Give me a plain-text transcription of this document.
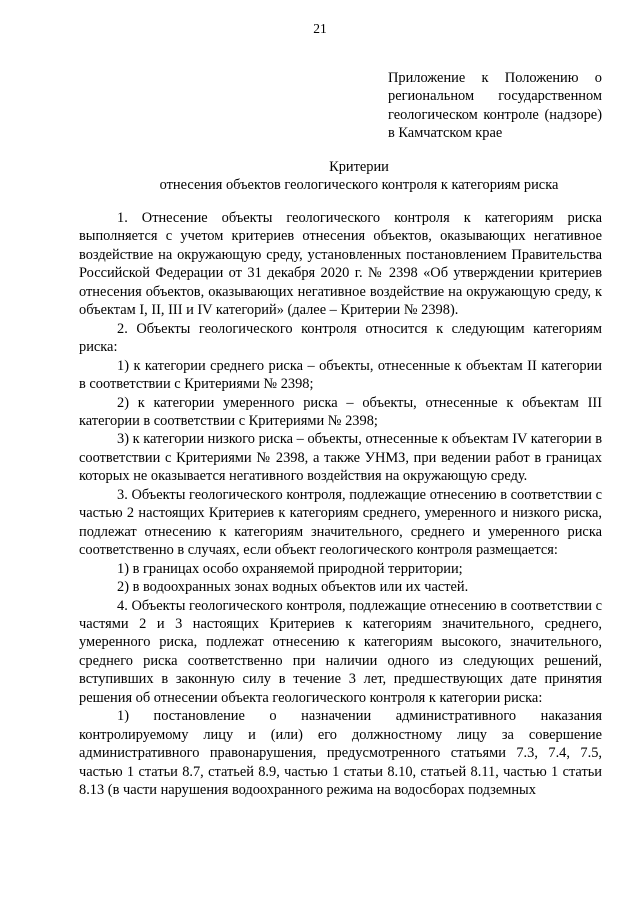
21
Приложение к Положению о региональном государственном геологическом контроле (надзоре) в Камчатском крае
Критерии
отнесения объектов геологического контроля к категориям риска

1. Отнесение объекты геологического контроля к категориям риска выполняется с учетом критериев отнесения объектов, оказывающих негативное воздействие на окружающую среду, установленных постановлением Правительства Российской Федерации от 31 декабря 2020 г. № 2398 «Об утверждении критериев отнесения объектов, оказывающих негативное воздействие на окружающую среду, к объектам I, II, III и IV категорий» (далее – Критерии № 2398).

2. Объекты геологического контроля относится к следующим категориям риска:

1) к категории среднего риска – объекты, отнесенные к объектам II категории в соответствии с Критериями № 2398;

2) к категории умеренного риска – объекты, отнесенные к объектам III категории в соответствии с Критериями № 2398;

3) к категории низкого риска – объекты, отнесенные к объектам IV категории в соответствии с Критериями № 2398, а также УНМЗ, при ведении работ в границах которых не оказывается негативного воздействия на окружающую среду.

3. Объекты геологического контроля, подлежащие отнесению в соответствии с частью 2 настоящих Критериев к категориям среднего, умеренного и низкого риска, подлежат отнесению к категориям значительного, среднего и умеренного риска соответственно в случаях, если объект геологического контроля размещается:

1) в границах особо охраняемой природной территории;

2) в водоохранных зонах водных объектов или их частей.

4. Объекты геологического контроля, подлежащие отнесению в соответствии с частями 2 и 3 настоящих Критериев к категориям значительного, среднего, умеренного риска, подлежат отнесению к категориям высокого, значительного, среднего риска соответственно при наличии одного из следующих решений, вступивших в законную силу в течение 3 лет, предшествующих дате принятия решения об отнесении объекта геологического контроля к категории риска:

1) постановление о назначении административного наказания контролируемому лицу и (или) его должностному лицу за совершение административного правонарушения, предусмотренного статьями 7.3, 7.4, 7.5, частью 1 статьи 8.7, статьей 8.9, частью 1 статьи 8.10, статьей 8.11, частью 1 статьи 8.13 (в части нарушения водоохранного режима на водосборах подземных
